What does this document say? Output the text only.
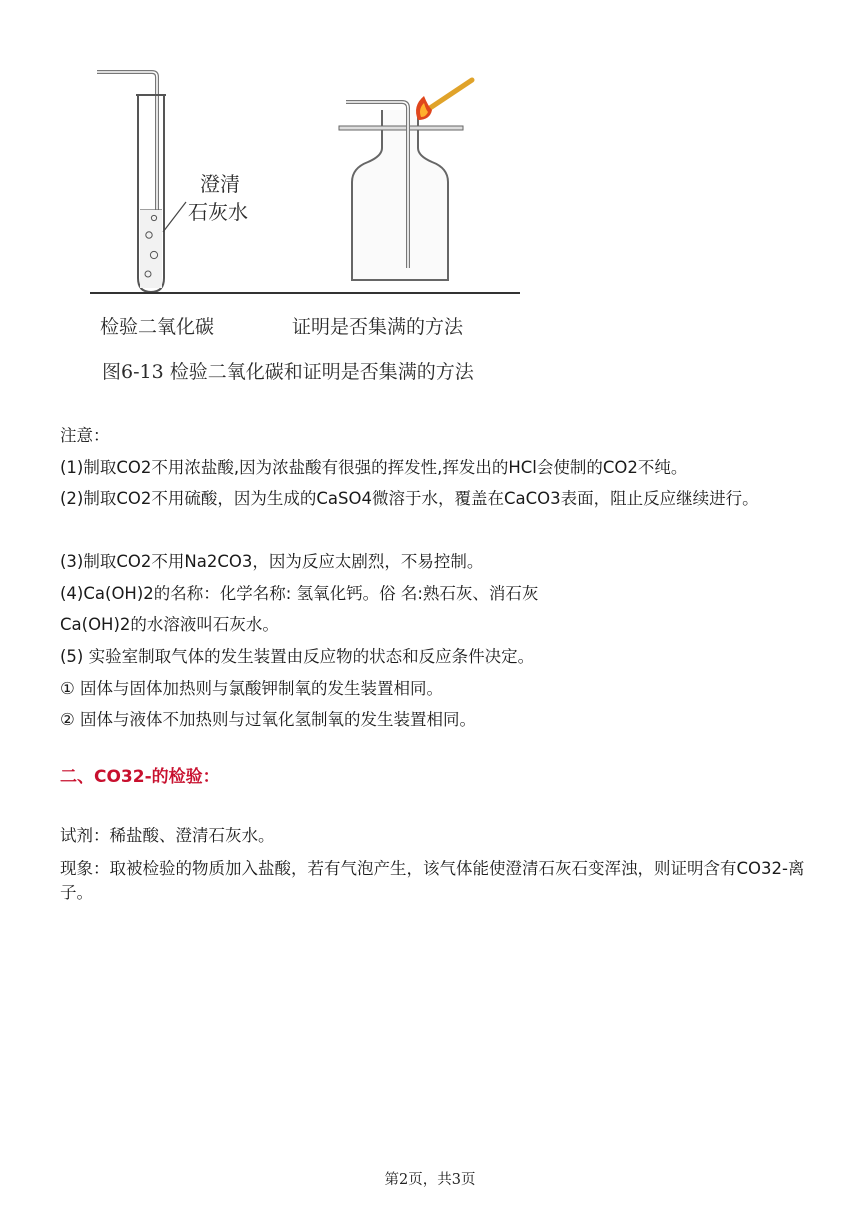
澄清
石灰水
检验二氧化碳	证明是否集满的方法
图6-13 检验二氧化碳和证明是否集满的方法
注意：
(1)制取CO2不用浓盐酸,因为浓盐酸有很强的挥发性,挥发出的HCl会使制的CO2不纯。
(2)制取CO2不用硫酸，因为生成的CaSO4微溶于水，覆盖在CaCO3表面，阻止反应继续进行。
(3)制取CO2不用Na2CO3，因为反应太剧烈，不易控制。
(4)Ca(OH)2的名称：化学名称: 氢氧化钙。俗 名:熟石灰、消石灰
Ca(OH)2的水溶液叫石灰水。
(5) 实验室制取气体的发生装置由反应物的状态和反应条件决定。
① 固体与固体加热则与氯酸钾制氧的发生装置相同。
② 固体与液体不加热则与过氧化氢制氧的发生装置相同。
二、CO32-的检验：
试剂：稀盐酸、澄清石灰水。
现象：取被检验的物质加入盐酸，若有气泡产生，该气体能使澄清石灰石变浑浊，则证明含有CO32-离子。
第2页，共3页
